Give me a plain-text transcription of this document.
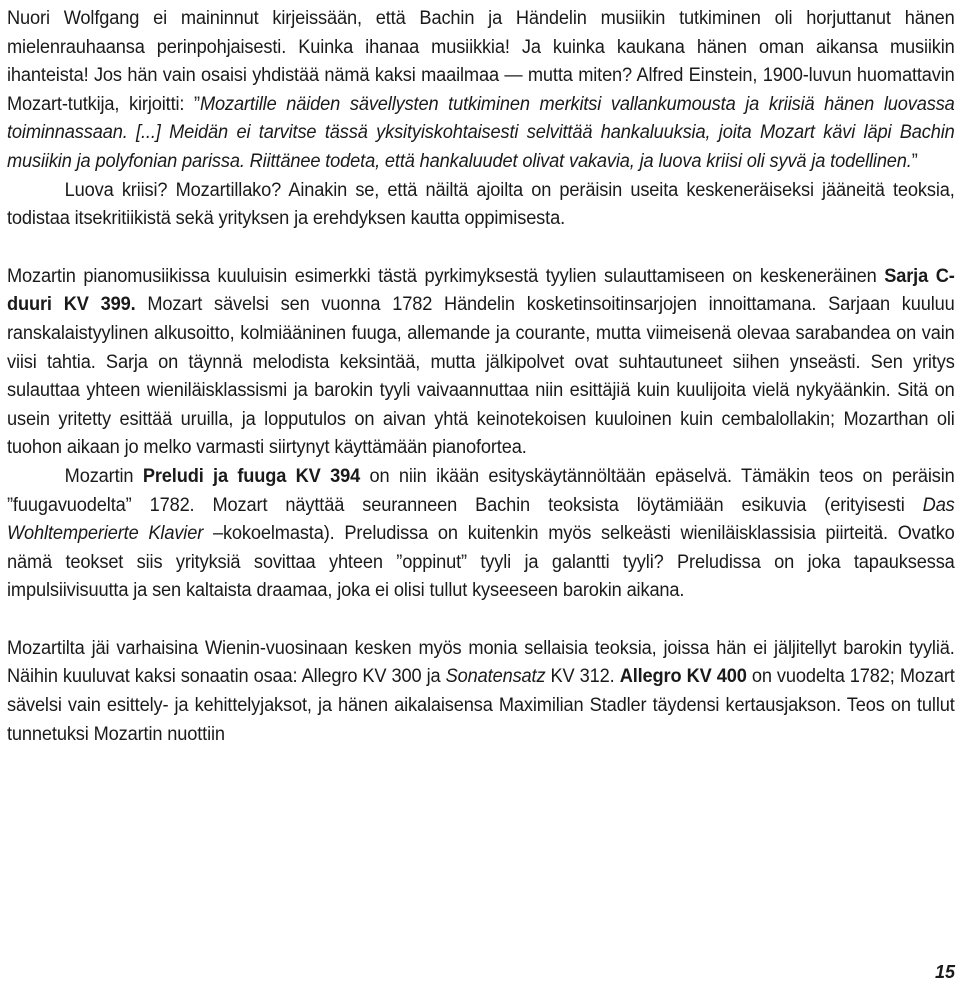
Nuori Wolfgang ei maininnut kirjeissään, että Bachin ja Händelin musiikin tutkiminen oli horjuttanut hänen mielenrauhaansa perinpohjaisesti. Kuinka ihanaa musiikkia! Ja kuinka kaukana hänen oman aikansa musiikin ihanteista! Jos hän vain osaisi yhdistää nämä kaksi maailmaa — mutta miten? Alfred Einstein, 1900-luvun huomattavin Mozart-tutkija, kirjoitti: ”Mozartille näiden sävellysten tutkiminen merkitsi vallankumousta ja kriisiä hänen luovassa toiminnassaan. [...] Meidän ei tarvitse tässä yksityiskohtaisesti selvittää hankaluuksia, joita Mozart kävi läpi Bachin musiikin ja polyfonian parissa. Riittänee todeta, että hankaluudet olivat vakavia, ja luova kriisi oli syvä ja todellinen.”

Luova kriisi? Mozartillako? Ainakin se, että näiltä ajoilta on peräisin useita keskeneräiseksi jääneitä teoksia, todistaa itsekritiikistä sekä yrityksen ja erehdyksen kautta oppimisesta.

Mozartin pianomusiikissa kuuluisin esimerkki tästä pyrkimyksestä tyylien sulauttamiseen on keskeneräinen Sarja C-duuri KV 399. Mozart sävelsi sen vuonna 1782 Händelin kosketinsoitinsarjojen innoittamana. Sarjaan kuuluu ranskalaistyylinen alkusoitto, kolmiääninen fuuga, allemande ja courante, mutta viimeisenä olevaa sarabandea on vain viisi tahtia. Sarja on täynnä melodista keksintää, mutta jälkipolvet ovat suhtautuneet siihen ynseästi. Sen yritys sulauttaa yhteen wieniläisklassismi ja barokin tyyli vaivaannuttaa niin esittäjiä kuin kuulijoita vielä nykyäänkin. Sitä on usein yritetty esittää uruilla, ja lopputulos on aivan yhtä keinotekoisen kuuloinen kuin cembalollakin; Mozarthan oli tuohon aikaan jo melko varmasti siirtynyt käyttämään pianofortea.

Mozartin Preludi ja fuuga KV 394 on niin ikään esityskäytännöltään epäselvä. Tämäkin teos on peräisin ”fuugavuodelta” 1782. Mozart näyttää seuranneen Bachin teoksista löytämiään esikuvia (erityisesti Das Wohltemperierte Klavier –kokoelmasta). Preludissa on kuitenkin myös selkeästi wieniläisklassisia piirteitä. Ovatko nämä teokset siis yrityksiä sovittaa yhteen ”oppinut” tyyli ja galantti tyyli? Preludissa on joka tapauksessa impulsiivisuutta ja sen kaltaista draamaa, joka ei olisi tullut kyseeseen barokin aikana.

Mozartilta jäi varhaisina Wienin-vuosinaan kesken myös monia sellaisia teoksia, joissa hän ei jäljitellyt barokin tyyliä. Näihin kuuluvat kaksi sonaatin osaa: Allegro KV 300 ja Sonatensatz KV 312. Allegro KV 400 on vuodelta 1782; Mozart sävelsi vain esittely- ja kehittelyjaksot, ja hänen aikalaisensa Maximilian Stadler täydensi kertausjakson. Teos on tullut tunnetuksi Mozartin nuottiin

15
